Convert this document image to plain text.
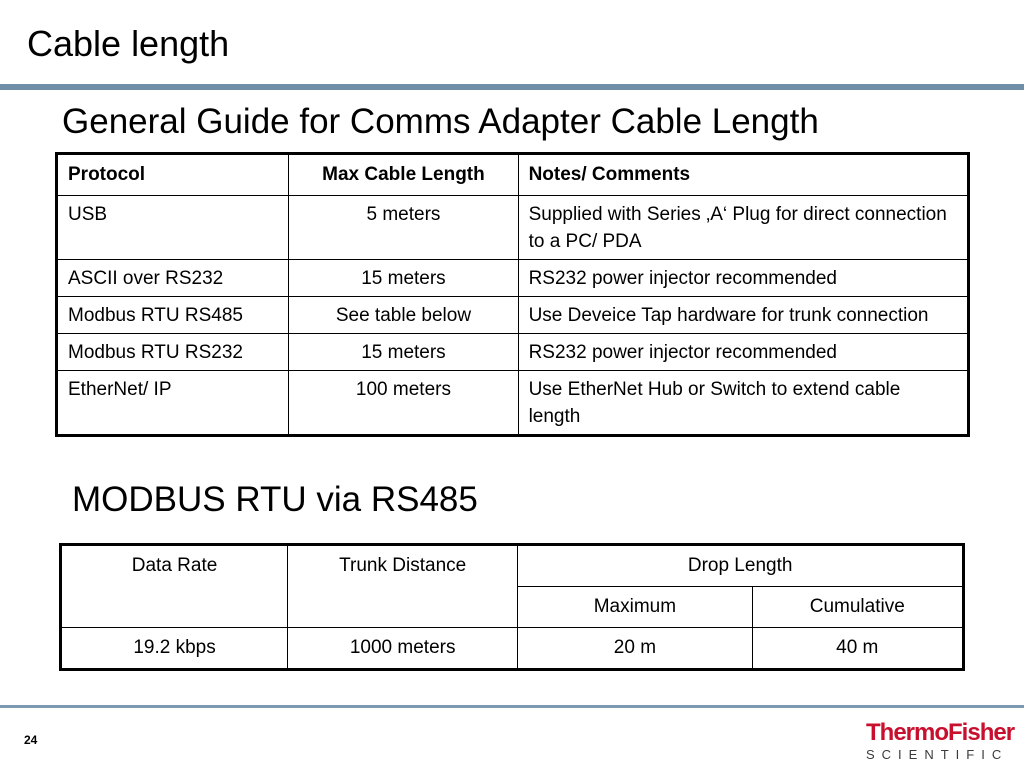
Cable length
General Guide for Comms Adapter Cable Length
Protocol	Max Cable Length	Notes/ Comments
USB	5 meters	Supplied with Series ‚A‘ Plug for direct connection to a PC/ PDA
ASCII over RS232	15 meters	RS232 power injector recommended
Modbus RTU RS485	See table below	Use Deveice Tap hardware for trunk connection
Modbus RTU RS232	15 meters	RS232 power injector recommended
EtherNet/ IP	100 meters	Use EtherNet Hub or Switch to extend cable length
MODBUS RTU via RS485
Data Rate	Trunk Distance	Drop Length	
		Maximum	Cumulative
19.2 kbps	1000 meters	20 m	40 m
24	ThermoFisher
SCIENTIFIC
